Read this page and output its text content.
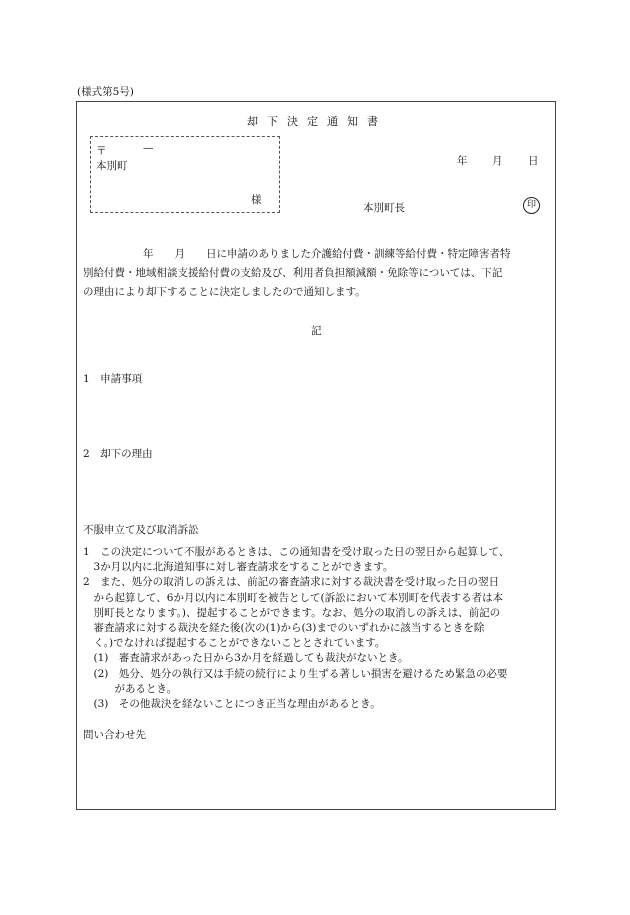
(様式第5号)
却下決定通知書
〒	—
本別町
様
年 月 日
本別町長	印
年　　月　　日に申請のありました介護給付費・訓練等給付費・特定障害者特
別給付費・地域相談支援給付費の支給及び、利用者負担額減額・免除等については、下記
の理由により却下することに決定しましたので通知します。
記
1　申請事項
2　却下の理由
不服申立て及び取消訴訟
1　この決定について不服があるときは、この通知書を受け取った日の翌日から起算して、
　3か月以内に北海道知事に対し審査請求をすることができます。
2　また、処分の取消しの訴えは、前記の審査請求に対する裁決書を受け取った日の翌日
　から起算して、6か月以内に本別町を被告として(訴訟において本別町を代表する者は本
　別町長となります。)、提起することができます。なお、処分の取消しの訴えは、前記の
　審査請求に対する裁決を経た後(次の(1)から(3)までのいずれかに該当するときを除
　く。)でなければ提起することができないこととされています。
　(1)　審査請求があった日から3か月を経過しても裁決がないとき。
　(2)　処分、処分の執行又は手続の続行により生ずる著しい損害を避けるため緊急の必要
　　　があるとき。
　(3)　その他裁決を経ないことにつき正当な理由があるとき。
問い合わせ先
